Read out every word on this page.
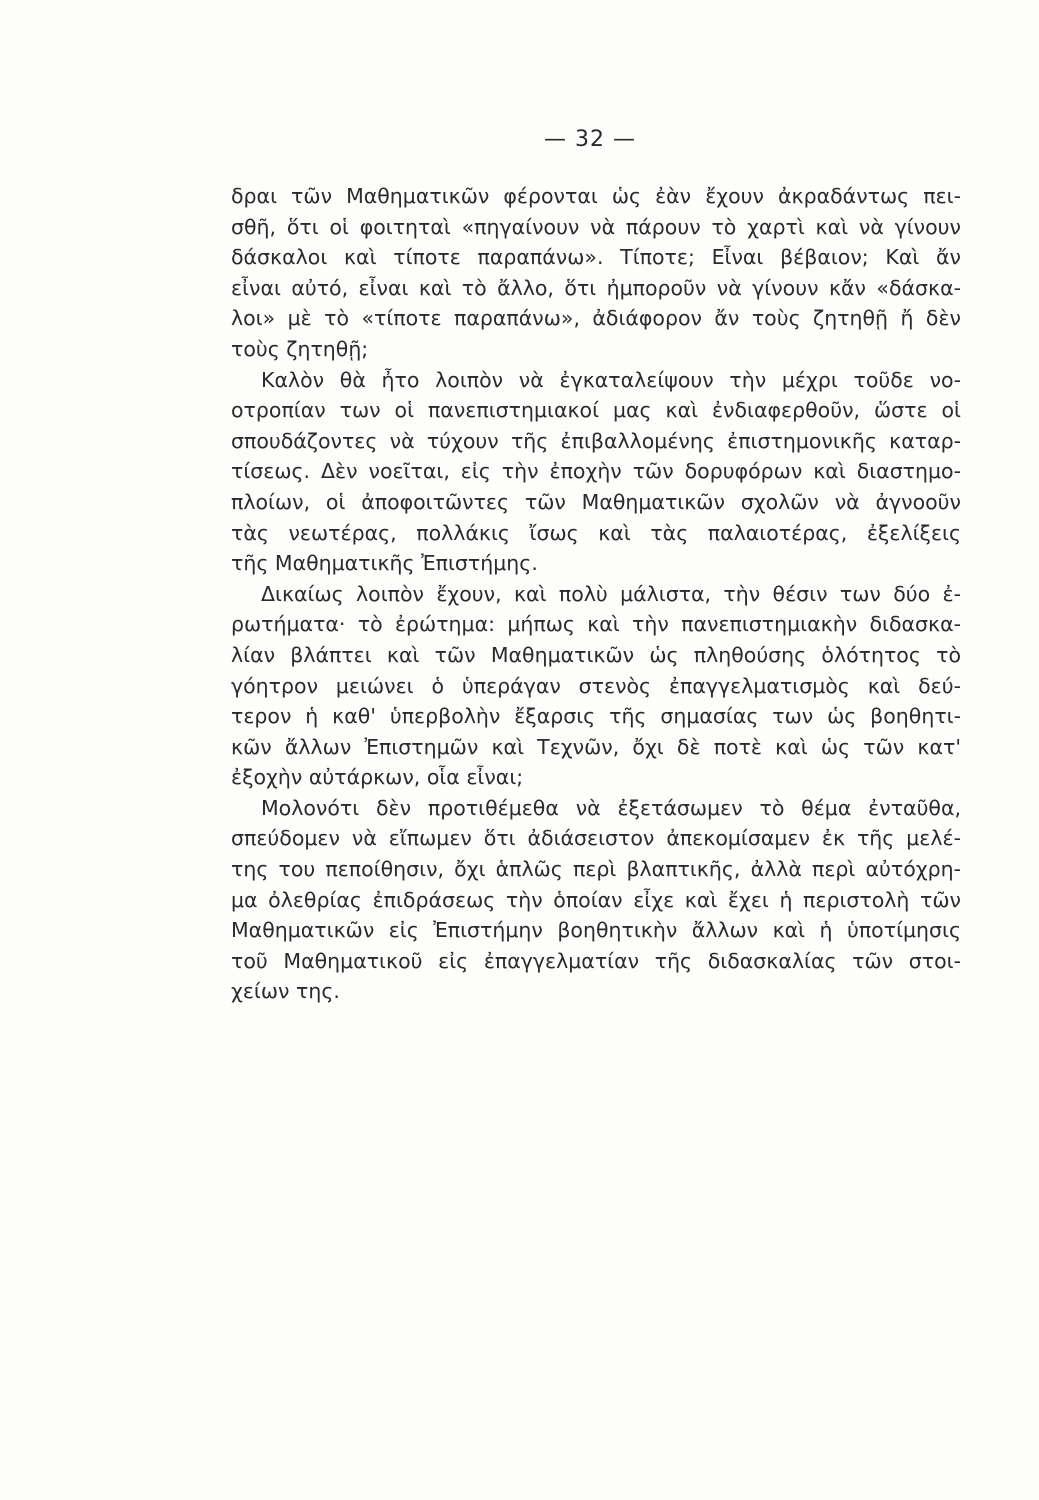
— 32 —
δραι τῶν Μαθηματικῶν φέρονται ὡς ἐὰν ἔχουν ἀκραδάντως πει-
σθῆ, ὅτι οἱ φοιτηταὶ «πηγαίνουν νὰ πάρουν τὸ χαρτὶ καὶ νὰ γίνουν
δάσκαλοι καὶ τίποτε παραπάνω». Τίποτε; Εἶναι βέβαιον; Καὶ ἄν
εἶναι αὐτό, εἶναι καὶ τὸ ἄλλο, ὅτι ἠμποροῦν νὰ γίνουν κἄν «δάσκα-
λοι» μὲ τὸ «τίποτε παραπάνω», ἀδιάφορον ἄν τοὺς ζητηθῇ ἤ δὲν
τοὺς ζητηθῇ;
Καλὸν θὰ ἦτο λοιπὸν νὰ ἐγκαταλείψουν τὴν μέχρι τοῦδε νο-
οτροπίαν των οἱ πανεπιστημιακοί μας καὶ ἐνδιαφερθοῦν, ὥστε οἱ
σπουδάζοντες νὰ τύχουν τῆς ἐπιβαλλομένης ἐπιστημονικῆς καταρ-
τίσεως. Δὲν νοεῖται, εἰς τὴν ἐποχὴν τῶν δορυφόρων καὶ διαστημο-
πλοίων, οἱ ἀποφοιτῶντες τῶν Μαθηματικῶν σχολῶν νὰ ἀγνοοῦν
τὰς νεωτέρας, πολλάκις ἴσως καὶ τὰς παλαιοτέρας, ἐξελίξεις
τῆς Μαθηματικῆς Ἐπιστήμης.
Δικαίως λοιπὸν ἔχουν, καὶ πολὺ μάλιστα, τὴν θέσιν των δύο ἐ-
ρωτήματα· τὸ ἐρώτημα: μήπως καὶ τὴν πανεπιστημιακὴν διδασκα-
λίαν βλάπτει καὶ τῶν Μαθηματικῶν ὡς πληθούσης ὁλότητος τὸ
γόητρον μειώνει ὁ ὑπεράγαν στενὸς ἐπαγγελματισμὸς καὶ δεύ-
τερον ἡ καθ' ὑπερβολὴν ἔξαρσις τῆς σημασίας των ὡς βοηθητι-
κῶν ἄλλων Ἐπιστημῶν καὶ Τεχνῶν, ὄχι δὲ ποτὲ καὶ ὡς τῶν κατ'
ἐξοχὴν αὐτάρκων, οἷα εἶναι;
Μολονότι δὲν προτιθέμεθα νὰ ἐξετάσωμεν τὸ θέμα ἐνταῦθα,
σπεύδομεν νὰ εἴπωμεν ὅτι ἀδιάσειστον ἀπεκομίσαμεν ἐκ τῆς μελέ-
της του πεποίθησιν, ὄχι ἁπλῶς περὶ βλαπτικῆς, ἀλλὰ περὶ αὐτόχρη-
μα ὀλεθρίας ἐπιδράσεως τὴν ὁποίαν εἶχε καὶ ἔχει ἡ περιστολὴ τῶν
Μαθηματικῶν εἰς Ἐπιστήμην βοηθητικὴν ἄλλων καὶ ἡ ὑποτίμησις
τοῦ Μαθηματικοῦ εἰς ἐπαγγελματίαν τῆς διδασκαλίας τῶν στοι-
χείων της.
